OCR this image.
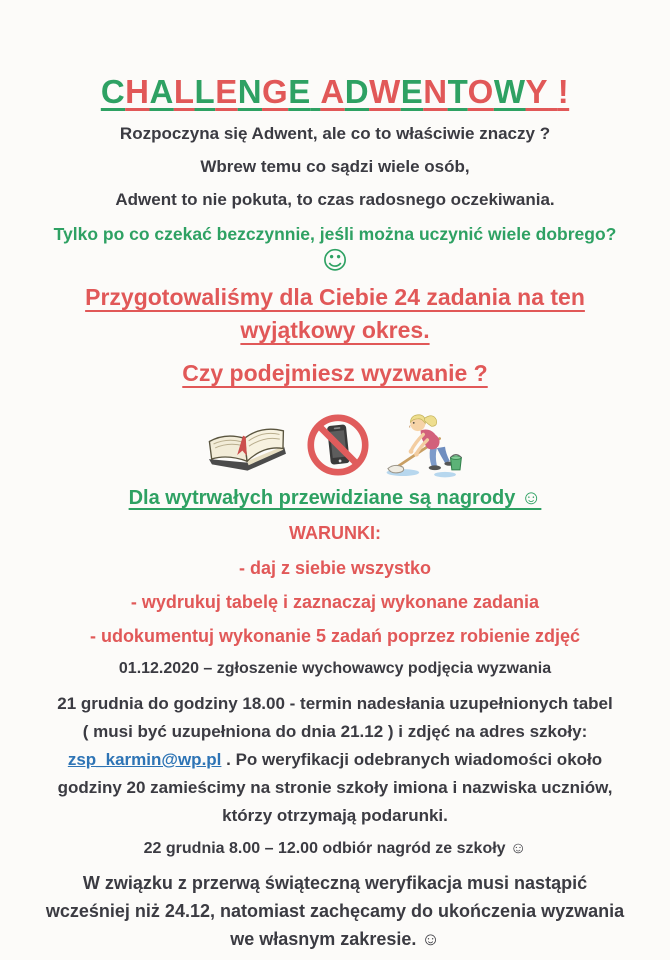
CHALLENGE ADWENTOWY !

Rozpoczyna się Adwent, ale co to właściwie znaczy ?

Wbrew temu co sądzi wiele osób,

Adwent to nie pokuta, to czas radosnego oczekiwania.

Tylko po co czekać bezczynnie, jeśli można uczynić wiele dobrego?

☺
Przygotowaliśmy dla Ciebie 24 zadania na ten wyjątkowy okres.
Czy podejmiesz wyzwanie ?

Dla wytrwałych przewidziane są nagrody ☺

WARUNKI:

- daj z siebie wszystko

- wydrukuj tabelę i zaznaczaj wykonane zadania

- udokumentuj wykonanie 5 zadań poprzez robienie zdjęć

01.12.2020 – zgłoszenie wychowawcy podjęcia wyzwania

21 grudnia do godziny 18.00 - termin nadesłania uzupełnionych tabel ( musi być uzupełniona do dnia 21.12 ) i zdjęć na adres szkoły: zsp_karmin@wp.pl . Po weryfikacji odebranych wiadomości około godziny 20 zamieścimy na stronie szkoły imiona i nazwiska uczniów, którzy otrzymają podarunki.

22 grudnia 8.00 – 12.00 odbiór nagród ze szkoły ☺

W związku z przerwą świąteczną weryfikacja musi nastąpić wcześniej niż 24.12, natomiast zachęcamy do ukończenia wyzwania we własnym zakresie. ☺
